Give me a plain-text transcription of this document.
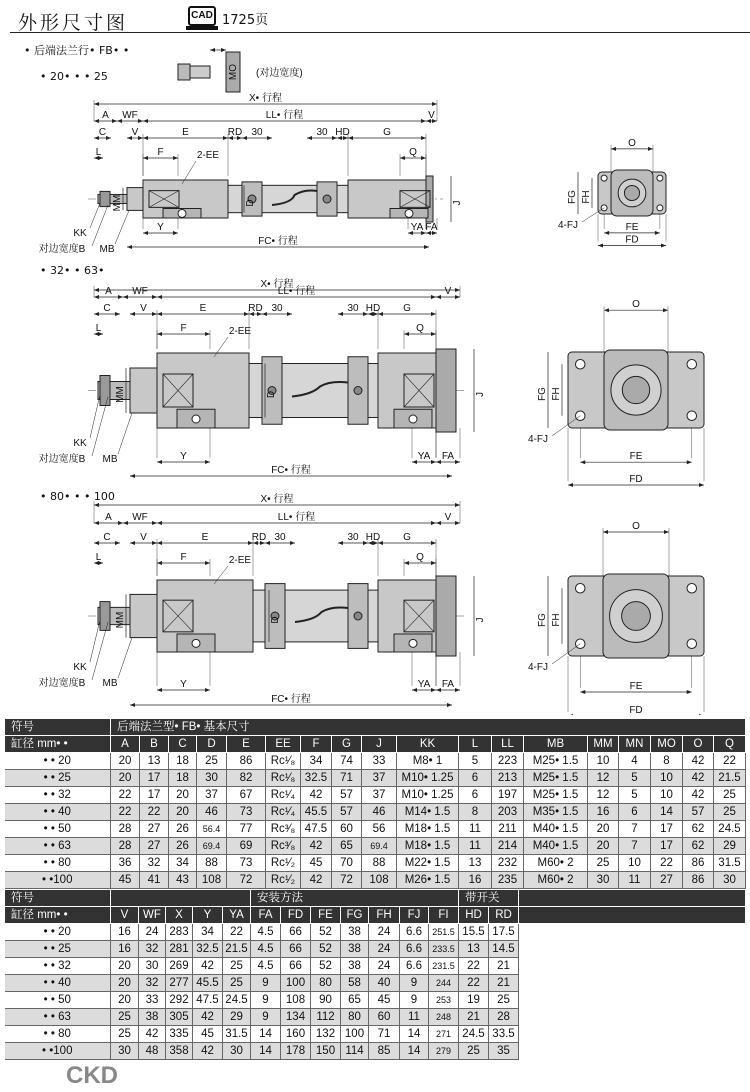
外形尺寸图	CAD 1725页
• 后端法兰行• FB• •
• 20• • • 25
• 32• • 63•
• 80• • • 100
MO (对边宽度)
X• 行程
A WF	LL• 行程	V
C	V	E	RD 30	30 HD	G
L	F	Q
2-EE
MM	D	J
KK
对边宽度B MB
Y	YA FA
FC• 行程
X• 行程
A WF	LL• 行程	V
C	V	E	RD 30	30 HD G
L	F	Q
2-EE
MM	D	J
KK
对边宽度B MB	Y	YA FA
FC• 行程
X• 行程
A WF	LL• 行程	V
C	V	E	RD 30	30 HD G
L	F	Q
2-EE
MM	D	J
KK
对边宽度B MB	Y	YA FA
FC• 行程
O
FG FH
FE
FD
4-FJ
O
FG FH
FE
FD
4-FJ
O
FG FH
FE
FD
4-FJ
符号	后端法兰型• FB• 基本尺寸																	
缸径 mm• •	A	B	C	D	E	EE	F	G	J	KK	L	LL	MB	MM	MN	MO	O	Q
• • 20	20	13	18	25	86	Rc¹⁄₈	34	74	33	M8• 1	5	223	M25• 1.5	10	4	8	42	22
• • 25	20	17	18	30	82	Rc¹⁄₈	32.5	71	37	M10• 1.25	6	213	M25• 1.5	12	5	10	42	21.5
• • 32	22	17	20	37	67	Rc¹⁄₄	42	57	37	M10• 1.25	6	197	M25• 1.5	12	5	10	42	25
• • 40	22	22	20	46	73	Rc¹⁄₄	45.5	57	46	M14• 1.5	8	203	M35• 1.5	16	6	14	57	25
• • 50	28	27	26	56.4	77	Rc³⁄₈	47.5	60	56	M18• 1.5	11	211	M40• 1.5	20	7	17	62	24.5
• • 63	28	27	26	69.4	69	Rc³⁄₈	42	65	69.4	M18• 1.5	11	214	M40• 1.5	20	7	17	62	29
• • 80	36	32	34	88	73	Rc¹⁄₂	45	70	88	M22• 1.5	13	232	M60• 2	25	10	22	86	31.5
• •100	45	41	43	108	72	Rc¹⁄₂	42	72	108	M26• 1.5	16	235	M60• 2	30	11	27	86	30
符号						安装方法							带开关		
缸径 mm• •	V	WF	X	Y	YA	FA	FD	FE	FG	FH	FJ	FI	HD	RD	
• • 20	16	24	283	34	22	4.5	66	52	38	24	6.6	251.5	15.5	17.5	
• • 25	16	32	281	32.5	21.5	4.5	66	52	38	24	6.6	233.5	13	14.5	
• • 32	20	30	269	42	25	4.5	66	52	38	24	6.6	231.5	22	21	
• • 40	20	32	277	45.5	25	9	100	80	58	40	9	244	22	21	
• • 50	20	33	292	47.5	24.5	9	108	90	65	45	9	253	19	25	
• • 63	25	38	305	42	29	9	134	112	80	60	11	248	21	28	
• • 80	25	42	335	45	31.5	14	160	132	100	71	14	271	24.5	33.5	
• •100	30	48	358	42	30	14	178	150	114	85	14	279	25	35	
CKD
